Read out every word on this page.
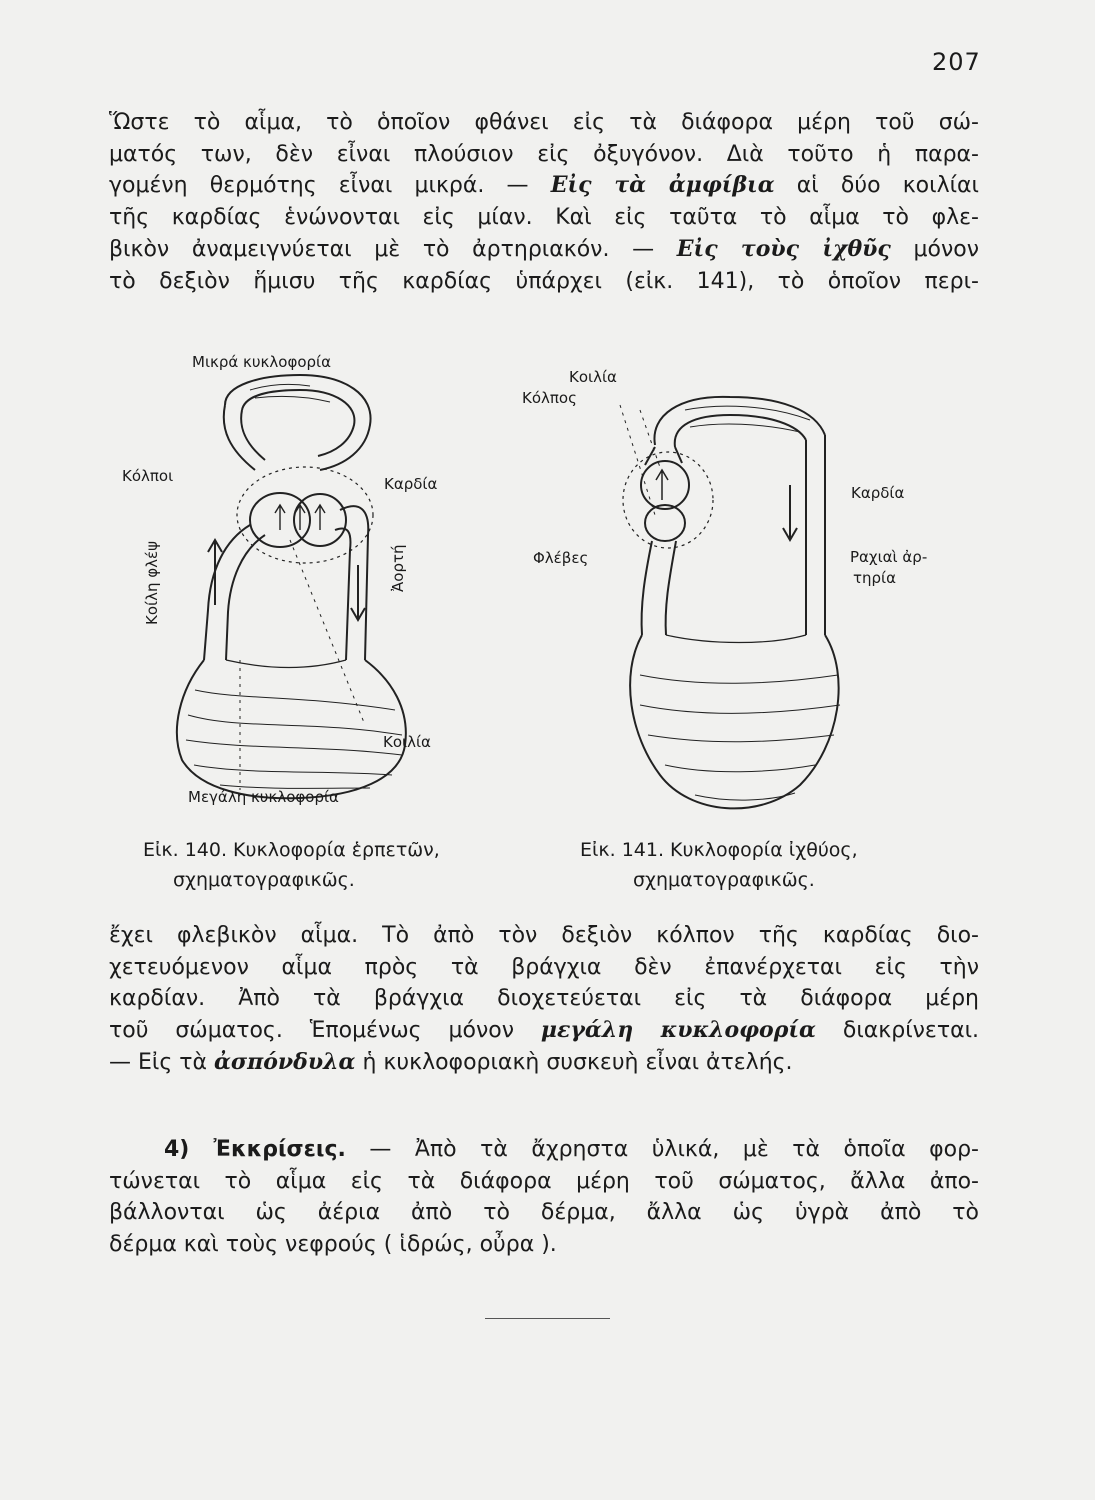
207
Ὥστε τὸ αἷμα, τὸ ὁποῖον φθάνει εἰς τὰ διάφορα μέρη τοῦ σώ-
ματός των, δὲν εἶναι πλούσιον εἰς ὀξυγόνον. Διὰ τοῦτο ἡ παρα-
γομένη θερμότης εἶναι μικρά. — Εἰς τὰ ἀμφίβια αἱ δύο κοιλίαι
τῆς καρδίας ἑνώνονται εἰς μίαν. Καὶ εἰς ταῦτα τὸ αἷμα τὸ φλε-
βικὸν ἀναμειγνύεται μὲ τὸ ἀρτηριακόν. — Εἰς τοὺς ἰχθῦς μόνον
τὸ δεξιὸν ἥμισυ τῆς καρδίας ὑπάρχει (εἰκ. 141), τὸ ὁποῖον περι-
Μικρά κυκλοφορία
Κόλποι	Καρδία
Κοίλη φλέψ	Ἀορτή
Κοιλία
Μεγάλη κυκλοφορία
Κοιλία
Κόλπος
Καρδία
Φλέβες	Ραχιαὶ ἀρ-
τηρία
Εἰκ. 140. Κυκλοφορία ἑρπετῶν,
σχηματογραφικῶς.
Εἰκ. 141. Κυκλοφορία ἰχθύος,
σχηματογραφικῶς.
ἔχει φλεβικὸν αἷμα. Τὸ ἀπὸ τὸν δεξιὸν κόλπον τῆς καρδίας διο-
χετευόμενον αἷμα πρὸς τὰ βράγχια δὲν ἐπανέρχεται εἰς τὴν
καρδίαν. Ἀπὸ τὰ βράγχια διοχετεύεται εἰς τὰ διάφορα μέρη
τοῦ σώματος. Ἑπομένως μόνον μεγάλη κυκλοφορία διακρίνεται.
— Εἰς τὰ ἀσπόνδυλα ἡ κυκλοφοριακὴ συσκευὴ εἶναι ἀτελής.
4) Ἐκκρίσεις. — Ἀπὸ τὰ ἄχρηστα ὑλικά, μὲ τὰ ὁποῖα φορ-
τώνεται τὸ αἷμα εἰς τὰ διάφορα μέρη τοῦ σώματος, ἄλλα ἀπο-
βάλλονται ὡς ἀέρια ἀπὸ τὸ δέρμα, ἄλλα ὡς ὑγρὰ ἀπὸ τὸ
δέρμα καὶ τοὺς νεφρούς ( ἱδρώς, οὖρα ).
